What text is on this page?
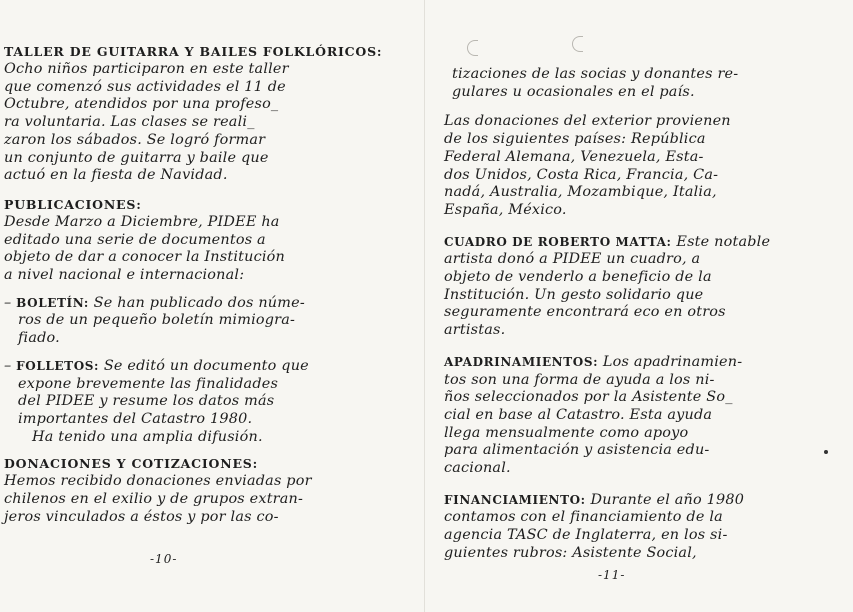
TALLER DE GUITARRA Y BAILES FOLKLÓRICOS:

Ocho niños participaron en este taller
que comenzó sus actividades el 11 de
Octubre, atendidos por una profeso_
ra voluntaria. Las clases se reali_
zaron los sábados. Se logró formar
un conjunto de guitarra y baile que
actuó en la fiesta de Navidad.

PUBLICACIONES:

Desde Marzo a Diciembre, PIDEE ha
editado una serie de documentos a
objeto de dar a conocer la Institución
a nivel nacional e internacional:

– BOLETÍN: Se han publicado dos núme-
ros de un pequeño boletín mimiogra-
fiado.

– FOLLETOS: Se editó un documento que
expone brevemente las finalidades
del PIDEE y resume los datos más
importantes del Catastro 1980.
Ha tenido una amplia difusión.

DONACIONES Y COTIZACIONES:

Hemos recibido donaciones enviadas por
chilenos en el exilio y de grupos extran-
jeros vinculados a éstos y por las co-

-10-

tizaciones de las socias y donantes re-
gulares u ocasionales en el país.

Las donaciones del exterior provienen
de los siguientes países: República
Federal Alemana, Venezuela, Esta-
dos Unidos, Costa Rica, Francia, Ca-
nadá, Australia, Mozambique, Italia,
España, México.

CUADRO DE ROBERTO MATTA: Este notable
artista donó a PIDEE un cuadro, a
objeto de venderlo a beneficio de la
Institución. Un gesto solidario que
seguramente encontrará eco en otros
artistas.

APADRINAMIENTOS: Los apadrinamien-
tos son una forma de ayuda a los ni-
ños seleccionados por la Asistente So_
cial en base al Catastro. Esta ayuda
llega mensualmente como apoyo
para alimentación y asistencia edu-
cacional.

FINANCIAMIENTO: Durante el año 1980
contamos con el financiamiento de la
agencia TASC de Inglaterra, en los si-
guientes rubros: Asistente Social,

-11-
